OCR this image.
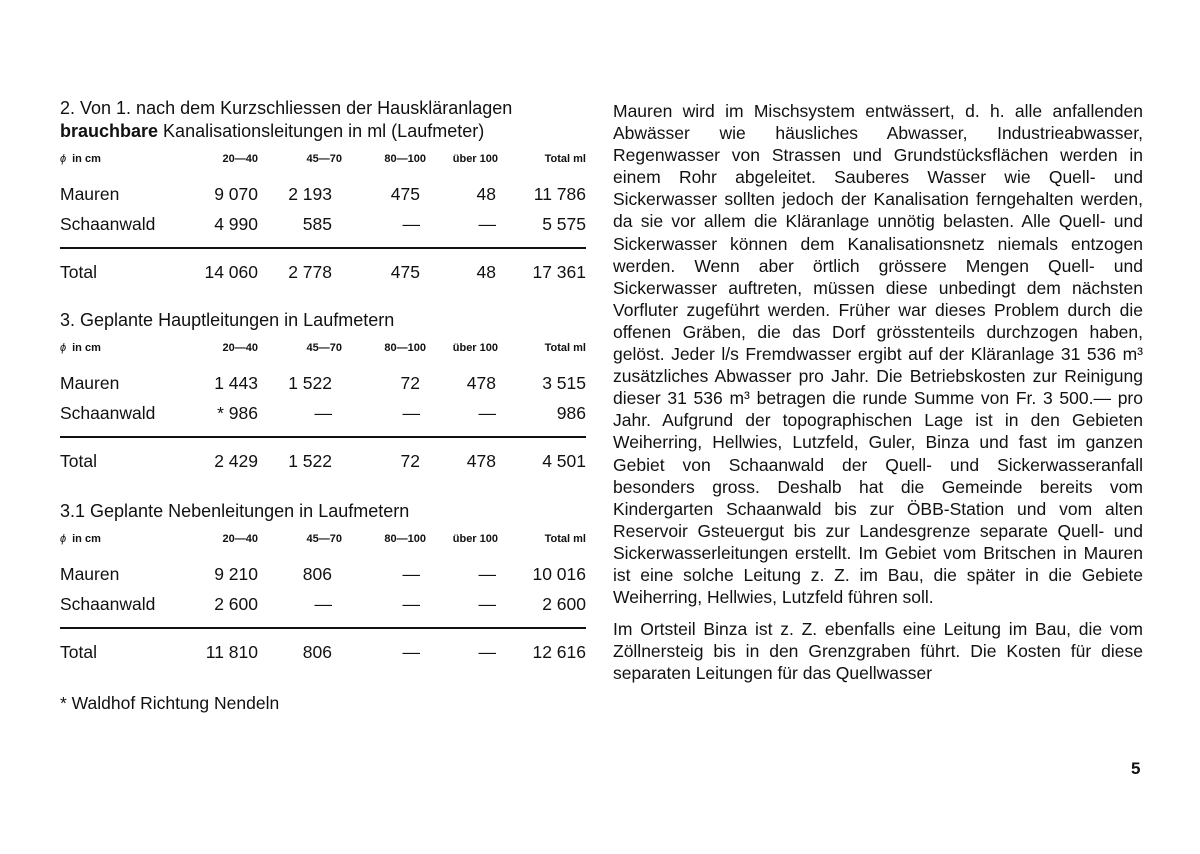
2. Von 1. nach dem Kurzschliessen der Hauskläranlagen
brauchbare Kanalisationsleitungen in ml (Laufmeter)

ϕ in cm	20—40	45—70	80—100	über 100	Total ml
Mauren	9 070	2 193	475	48	11 786
Schaanwald	4 990	585	—	—	5 575
Total	14 060	2 778	475	48	17 361

3. Geplante Hauptleitungen in Laufmetern

ϕ in cm	20—40	45—70	80—100	über 100	Total ml
Mauren	1 443	1 522	72	478	3 515
Schaanwald	* 986	—	—	—	986
Total	2 429	1 522	72	478	4 501

3.1 Geplante Nebenleitungen in Laufmetern

ϕ in cm	20—40	45—70	80—100	über 100	Total ml
Mauren	9 210	806	—	—	10 016
Schaanwald	2 600	—	—	—	2 600
Total	11 810	806	—	—	12 616
* Waldhof Richtung Nendeln

Mauren wird im Mischsystem entwässert, d. h. alle anfallenden Abwässer wie häusliches Abwasser, Industrieabwasser, Regenwasser von Strassen und Grundstücksflächen werden in einem Rohr abgeleitet. Sauberes Wasser wie Quell- und Sickerwasser sollten jedoch der Kanalisation ferngehalten werden, da sie vor allem die Kläranlage unnötig belasten. Alle Quell- und Sickerwasser können dem Kanalisationsnetz niemals entzogen werden. Wenn aber örtlich grössere Mengen Quell- und Sickerwasser auftreten, müssen diese unbedingt dem nächsten Vorfluter zugeführt werden. Früher war dieses Problem durch die offenen Gräben, die das Dorf grösstenteils durchzogen haben, gelöst. Jeder l/s Fremdwasser ergibt auf der Kläranlage 31 536 m³ zusätzliches Abwasser pro Jahr. Die Betriebskosten zur Reinigung dieser 31 536 m³ betragen die runde Summe von Fr. 3 500.— pro Jahr. Aufgrund der topographischen Lage ist in den Gebieten Weiherring, Hellwies, Lutzfeld, Guler, Binza und fast im ganzen Gebiet von Schaanwald der Quell- und Sickerwasseranfall besonders gross. Deshalb hat die Gemeinde bereits vom Kindergarten Schaanwald bis zur ÖBB-Station und vom alten Reservoir Gsteuergut bis zur Landesgrenze separate Quell- und Sickerwasserleitungen erstellt. Im Gebiet vom Britschen in Mauren ist eine solche Leitung z. Z. im Bau, die später in die Gebiete Weiherring, Hellwies, Lutzfeld führen soll.

Im Ortsteil Binza ist z. Z. ebenfalls eine Leitung im Bau, die vom Zöllnersteig bis in den Grenzgraben führt. Die Kosten für diese separaten Leitungen für das Quellwasser

5
